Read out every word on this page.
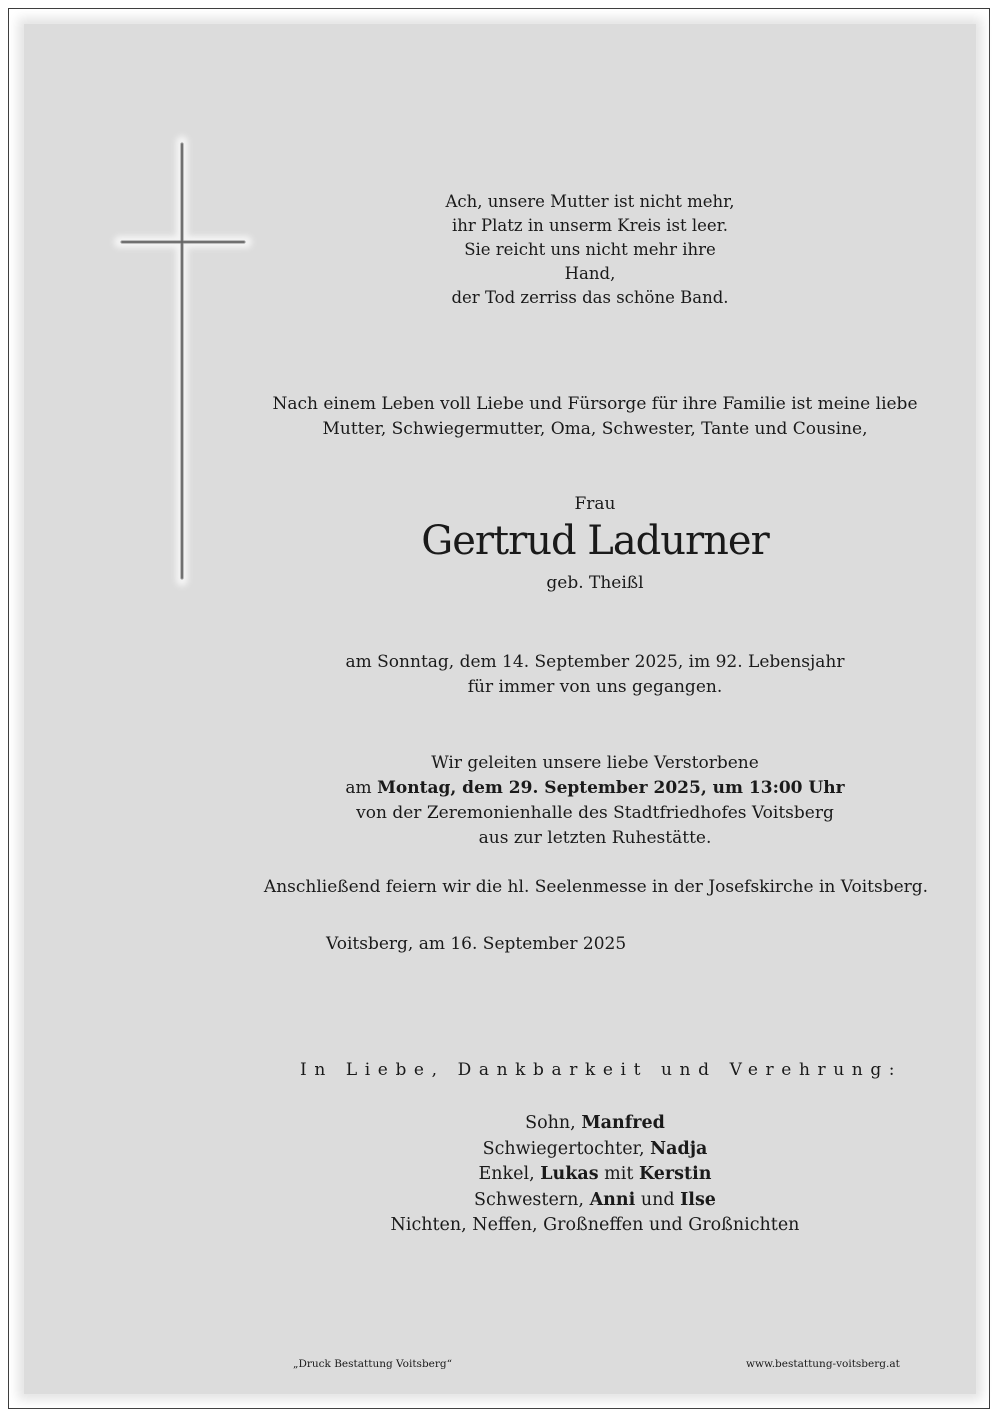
Ach, unsere Mutter ist nicht mehr,
ihr Platz in unserm Kreis ist leer.
Sie reicht uns nicht mehr ihre Hand,
der Tod zerriss das schöne Band.
Nach einem Leben voll Liebe und Fürsorge für ihre Familie ist meine liebe
Mutter, Schwiegermutter, Oma, Schwester, Tante und Cousine,
Frau
Gertrud Ladurner
geb. Theißl
am Sonntag, dem 14. September 2025, im 92. Lebensjahr
für immer von uns gegangen.
Wir geleiten unsere liebe Verstorbene
am Montag, dem 29. September 2025, um 13:00 Uhr
von der Zeremonienhalle des Stadtfriedhofes Voitsberg
aus zur letzten Ruhestätte.
Anschließend feiern wir die hl. Seelenmesse in der Josefskirche in Voitsberg.
Voitsberg, am 16. September 2025
In Liebe, Dankbarkeit und Verehrung:
Sohn, Manfred
Schwiegertochter, Nadja
Enkel, Lukas mit Kerstin
Schwestern, Anni und Ilse
Nichten, Neffen, Großneffen und Großnichten
„Druck Bestattung Voitsberg“	www.bestattung-voitsberg.at
